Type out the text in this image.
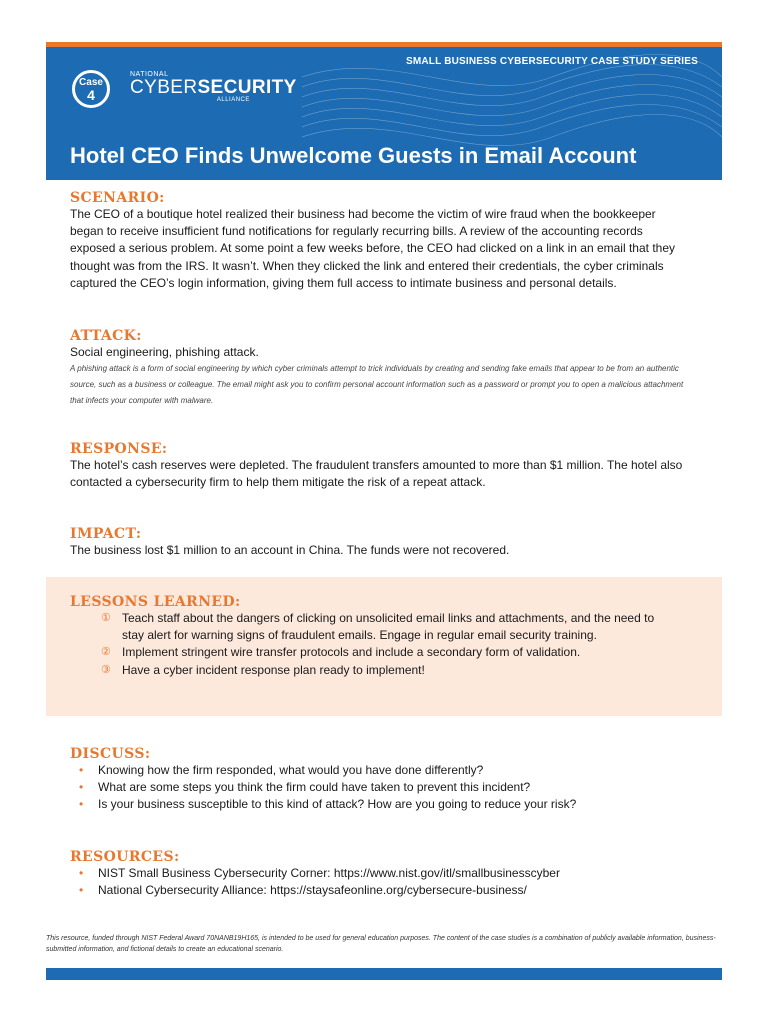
SMALL BUSINESS CYBERSECURITY CASE STUDY SERIES
Case
4
NATIONAL
CYBERSECURITY
ALLIANCE
Hotel CEO Finds Unwelcome Guests in Email Account
SCENARIO:

The CEO of a boutique hotel realized their business had become the victim of wire fraud when the bookkeeper began to receive insufficient fund notifications for regularly recurring bills. A review of the accounting records exposed a serious problem. At some point a few weeks before, the CEO had clicked on a link in an email that they thought was from the IRS. It wasn’t. When they clicked the link and entered their credentials, the cyber criminals captured the CEO’s login information, giving them full access to intimate business and personal details.

ATTACK:

Social engineering, phishing attack.

A phishing attack is a form of social engineering by which cyber criminals attempt to trick individuals by creating and sending fake emails that appear to be from an authentic source, such as a business or colleague. The email might ask you to confirm personal account information such as a password or prompt you to open a malicious attachment that infects your computer with malware.

RESPONSE:

The hotel’s cash reserves were depleted. The fraudulent transfers amounted to more than $1 million. The hotel also contacted a cybersecurity firm to help them mitigate the risk of a repeat attack.

IMPACT:

The business lost $1 million to an account in China. The funds were not recovered.

LESSONS LEARNED:
① Teach staff about the dangers of clicking on unsolicited email links and attachments, and the need to stay alert for warning signs of fraudulent emails. Engage in regular email security training.
② Implement stringent wire transfer protocols and include a secondary form of validation.
③ Have a cyber incident response plan ready to implement!
DISCUSS:
• Knowing how the firm responded, what would you have done differently?
• What are some steps you think the firm could have taken to prevent this incident?
• Is your business susceptible to this kind of attack? How are you going to reduce your risk?
RESOURCES:
• NIST Small Business Cybersecurity Corner: https://www.nist.gov/itl/smallbusinesscyber
• National Cybersecurity Alliance: https://staysafeonline.org/cybersecure-business/
This resource, funded through NIST Federal Award 70NANB19H165, is intended to be used for general education purposes. The content of the case studies is a combination of publicly available information, business-submitted information, and fictional details to create an educational scenario.
